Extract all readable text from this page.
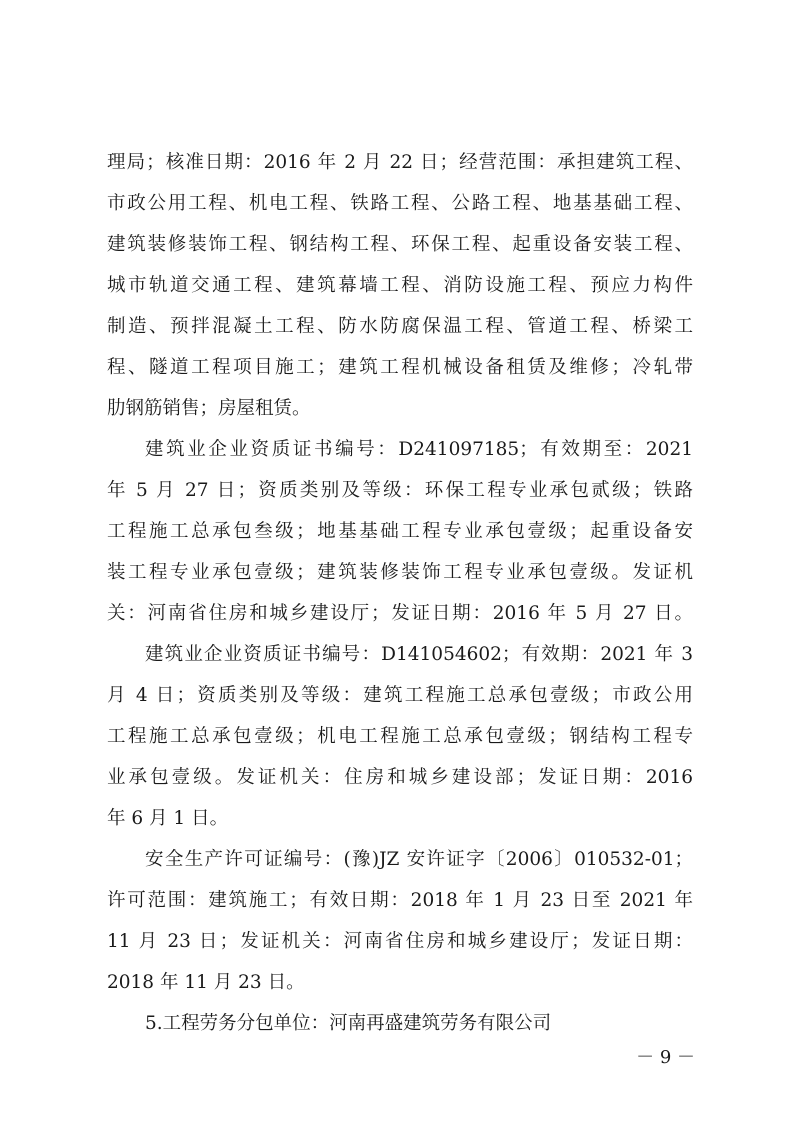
理局；核准日期：2016 年 2 月 22 日；经营范围：承担建筑工程、
市政公用工程、机电工程、铁路工程、公路工程、地基基础工程、
建筑装修装饰工程、钢结构工程、环保工程、起重设备安装工程、
城市轨道交通工程、建筑幕墙工程、消防设施工程、预应力构件
制造、预拌混凝土工程、防水防腐保温工程、管道工程、桥梁工
程、隧道工程项目施工；建筑工程机械设备租赁及维修；冷轧带
肋钢筋销售；房屋租赁。
建筑业企业资质证书编号：D241097185；有效期至：2021
年 5 月 27 日；资质类别及等级：环保工程专业承包贰级；铁路
工程施工总承包叁级；地基基础工程专业承包壹级；起重设备安
装工程专业承包壹级；建筑装修装饰工程专业承包壹级。发证机
关：河南省住房和城乡建设厅；发证日期：2016 年 5 月 27 日。
建筑业企业资质证书编号：D141054602；有效期：2021 年 3
月 4 日；资质类别及等级：建筑工程施工总承包壹级；市政公用
工程施工总承包壹级；机电工程施工总承包壹级；钢结构工程专
业承包壹级。发证机关：住房和城乡建设部；发证日期：2016
年 6 月 1 日。
安全生产许可证编号：(豫)JZ 安许证字〔2006〕010532-01；
许可范围：建筑施工；有效日期：2018 年 1 月 23 日至 2021 年
11 月 23 日；发证机关：河南省住房和城乡建设厅；发证日期：
2018 年 11 月 23 日。
5.工程劳务分包单位：河南再盛建筑劳务有限公司
－ 9 －
